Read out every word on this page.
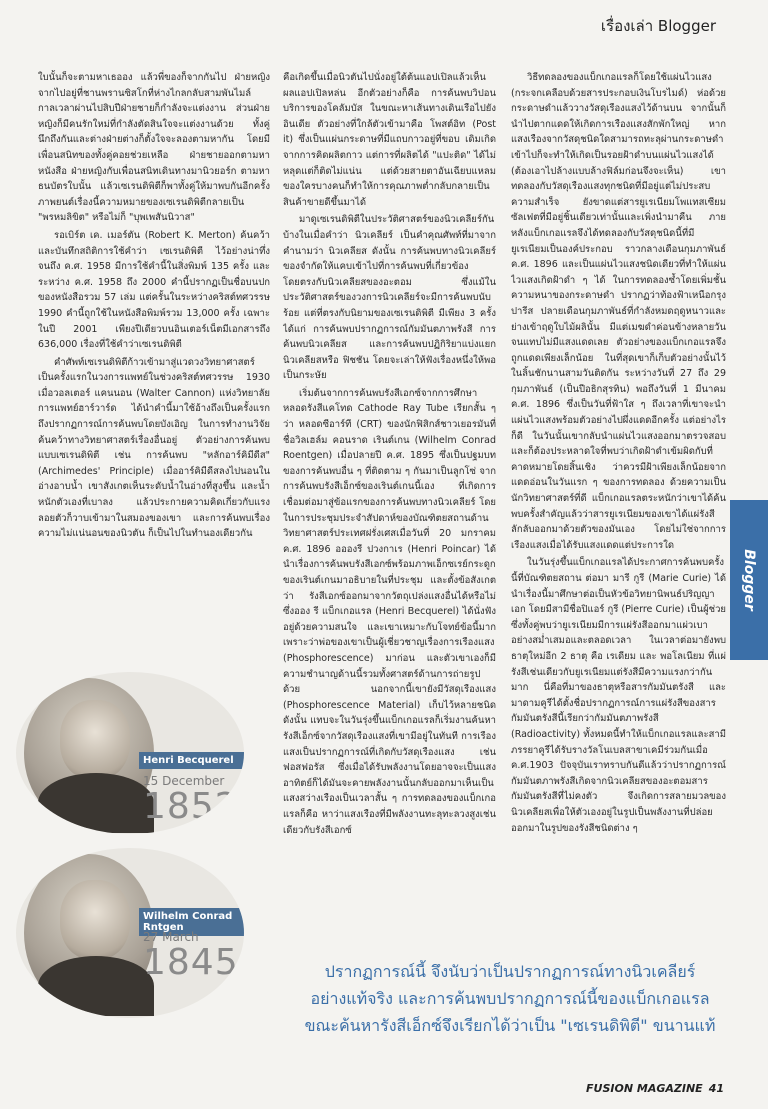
เรื่องเล่า Blogger
Blogger

ใบนั้นก็จะตามหาเธออง แล้วพี่ของก็จากกันไป ฝ่ายหญิงจากไปอยู่ที่ชานพรานซิสโกที่ห่างไกลกลับสามพันไมล์ กาลเวลาผ่านไปสิบปีฝ่ายชายก็กำลังจะแต่งงาน ส่วนฝ่ายหญิงก็มีคนรักใหม่ที่กำลังตัดสินใจจะแต่งงานด้วย ทั้งคู่นึกถึงกันและต่างฝ่ายต่างก็ตั้งใจจะลองตามหากัน โดยมีเพื่อนสนิทของทั้งคู่คอยช่วยเหลือ ฝ่ายชายออกตามหาหนังสือ ฝ่ายหญิงกับเพื่อนสนิทเดินทางมานิวยอร์ก ตามหาธนบัตรใบนั้น แล้วเซเรนดิพิตีก็พาทั้งคู่ให้มาพบกันอีกครั้ง ภาพยนต์เรื่องนี้ความหมายของเซเรนดิพิตีกลายเป็น "พรหมลิขิต" หรือไม่ก็ "บุพเพสันนิวาส"

รอเบิร์ต เค. เมอร์ตัน (Robert K. Merton) ค้นคว้าและบันทึกสถิติการใช้คำว่า เซเรนดิพิตี ไว้อย่างน่าทึ่ง จนถึง ค.ศ. 1958 มีการใช้คำนี้ในสิ่งพิมพ์ 135 ครั้ง และระหว่าง ค.ศ. 1958 ถึง 2000 คำนี้ปรากฏเป็นชื่อบนปกของหนังสือรวม 57 เล่ม แต่ครั้นในระหว่างคริสต์ทศวรรษ 1990 คำนี้ถูกใช้ในหนังสือพิมพ์รวม 13,000 ครั้ง เฉพาะในปี 2001 เพียงปีเดียวบนอินเตอร์เน็ตมีเอกสารถึง 636,000 เรื่องที่ใช้คำว่าเซเรนดิพิตี

คำศัพท์เซเรนดิพิตีก้าวเข้ามาสู่แวดวงวิทยาศาสตร์เป็นครั้งแรกในวงการแพทย์ในช่วงคริสต์ทศวรรษ 1930 เมื่อวอลเตอร์ แคนนอน (Walter Cannon) แห่งวิทยาลัยการแพทย์ฮาร์วาร์ด ได้นำคำนี้มาใช้อ้างถึงเป็นครั้งแรก ถึงปรากฏการณ์การค้นพบโดยบังเอิญ ในการทำงานวิจัยค้นคว้าทางวิทยาศาสตร์เรื่องอื่นอยู่ ตัวอย่างการค้นพบแบบเซเรนดิพิตี เช่น การค้นพบ "หลักอาร์คิมีดีส" (Archimedes' Principle) เมื่ออาร์คิมีดีสลงไปนอนในอ่างอาบน้ำ เขาสังเกตเห็นระดับน้ำในอ่างที่สูงขึ้น และน้ำหนักตัวเองที่เบาลง แล้วประกายความคิดเกี่ยวกับแรงลอยตัวก็วาบเข้ามาในสมองของเขา และการค้นพบเรื่องความไม่แน่นอนของนิวตัน ก็เป็นไปในทำนองเดียวกัน

คือเกิดขึ้นเมื่อนิวตันไปนั่งอยู่ใต้ต้นแอปเปิลแล้วเห็นผลแอปเปิลหล่น อีกตัวอย่างก็คือ การค้นพบวิปอนบริการของโคลัมบัส ในขณะหาเส้นทางเดินเรือไปยังอินเดีย ตัวอย่างที่ใกล้ตัวเข้ามาคือ โพสต์อิท (Post it) ซึ่งเป็นแผ่นกระดาษที่มีแถบกาวอยู่ที่ขอบ เดิมเกิดจากการคิดผลิตกาว แต่การที่ผลิตได้ "แปะติด" ได้ไม่หลุดแต่ก็ติดไม่แน่น แต่ด้วยสายตาอันเฉียบแหลมของใครบางคนก็ทำให้การคุณภาพต่ำกลับกลายเป็นสินค้าขายดีขึ้นมาได้

มาดูเซเรนดิพิตีในประวัติศาสตร์ของนิวเคลียร์กันบ้างในเมื่อคำว่า นิวเคลียร์ เป็นคำคุณศัพท์ที่มาจากคำนามว่า นิวเคลียส ดังนั้น การค้นพบทางนิวเคลียร์ของจำกัดให้แคบเข้าไปที่การค้นพบที่เกี่ยวข้องโดยตรงกับนิวเคลียสของอะตอม ซึ่งแม้ในประวัติศาสตร์ของวงการนิวเคลียร์จะมีการค้นพบนับร้อย แต่ที่ตรงกับนิยามของเซเรนดิพิตี มีเพียง 3 ครั้งได้แก่ การค้นพบปรากฏการณ์กัมมันตภาพรังสี การค้นพบนิวเคลียส และการค้นพบปฏิกิริยาแบ่งแยกนิวเคลียสหรือ ฟิชชัน โดยจะเล่าให้ฟังเรื่องหนึ่งให้พอเป็นกระษัย

เริ่มต้นจากการค้นพบรังสีเอกซ์จากการศึกษาหลอดรังสีแคโทด Cathode Ray Tube เรียกสั้น ๆ ว่า หลอดซีอาร์ที (CRT) ของนักฟิสิกส์ชาวเยอรมันที่ชื่อวิลเฮล์ม คอนราด เรินต์เกน (Wilhelm Conrad Roentgen) เมื่อปลายปี ค.ศ. 1895 ซึ่งเป็นปฐมบทของการค้นพบอื่น ๆ ที่ติดตาม ๆ กันมาเป็นลูกโซ่ จากการค้นพบรังสีเอ็กซ์ของเรินต์เกนนี้เอง ที่เกิดการเชื่อมต่อมาสู่ข้อแรกของการค้นพบทางนิวเคลียร์ โดยในการประชุมประจำสัปดาห์ของบัณฑิตยสถานด้านวิทยาศาสตร์ประเทศฝรั่งเศสเมื่อวันที่ 20 มกราคม ค.ศ. 1896 ออองรี ปวงกาเร (Henri Poincar) ได้นำเรื่องการค้นพบรังสีเอกซ์พร้อมภาพเอ็กซเรย์กระดูกของเรินต์เกนมาอธิบายในที่ประชุม และตั้งข้อสังเกตว่า รังสีเอกซ์ออกมาจากวัตถุเปล่งแสงอื่นได้หรือไม่ ซึ่งออง รี แบ็กเกอแรล (Henri Becquerel) ได้นั่งฟังอยู่ด้วยความสนใจ และเขาเหมาะกับโจทย์ข้อนี้มาก เพราะว่าพ่อของเขาเป็นผู้เชี่ยวชาญเรื่องการเรืองแสง (Phosphorescence) มาก่อน และตัวเขาเองก็มีความชำนาญด้านนี้รวมทั้งศาสตร์ด้านการถ่ายรูปด้วย นอกจากนี้เขายังมีวัสดุเรืองแสง (Phosphorescence Material) เก็บไว้หลายชนิด ดังนั้น แทบจะในวันรุ่งขึ้นแบ็กเกอแรลก็เริ่มงานค้นหารังสีเอ็กซ์จากวัสดุเรืองแสงที่เขามีอยู่ในทันที การเรืองแสงเป็นปรากฏการณ์ที่เกิดกับวัสดุเรืองแสง เช่น ฟอสฟอรัส ซึ่งเมื่อได้รับพลังงานโดยอาจจะเป็นแสงอาทิตย์ก็ได้มันจะคายพลังงานนั้นกลับออกมาเห็นเป็นแสงสว่างเรืองเป็นเวลาสั้น ๆ การทดลองของแบ็กเกอแรลก็คือ หาว่าแสงเรืองที่มีพลังงานทะลุทะลวงสูงเช่นเดียวกับรังสีเอกซ์

วิธีทดลองของแบ็กเกอแรลก็โดยใช้แผ่นไวแสง (กระจกเคลือบด้วยสารประกอบเงินโบรไมด์) ห่อด้วยกระดาษดำแล้ววางวัสดุเรืองแสงไว้ด้านบน จากนั้นก็นำไปตากแดดให้เกิดการเรืองแสงสักพักใหญ่ หากแสงเรืองจากวัสดุชนิดใดสามารถทะลุผ่านกระดาษดำเข้าไปก็จะทำให้เกิดเป็นรอยฝ้าดำบนแผ่นไวแสงได้ (ต้องเอาไปล้างแบบล้างฟิล์มก่อนจึงจะเห็น) เขาทดลองกับวัสดุเรืองแสงทุกชนิดที่มีอยู่แต่ไม่ประสบความสำเร็จ ยังขาดแต่สารยูเรเนียมโพแทสเซียมซัลเฟตที่มีอยู่ชิ้นเดียวเท่านั้นและเพิ่งนำมาคืน ภายหลังแบ็กเกอแรลจึงได้ทดลองกับวัสดุชนิดนี้ที่มียูเรเนียมเป็นองค์ประกอบ ราวกลางเดือนกุมภาพันธ์ ค.ศ. 1896 และเป็นแผ่นไวแสงชนิดเดียวที่ทำให้แผ่นไวแสงเกิดฝ้าดำ ๆ ได้ ในการทดลองซ้ำโดยเพิ่มชั้นความหนาของกระดาษดำ ปรากฏว่าท้องฟ้าเหนือกรุงปารีส ปลายเดือนกุมภาพันธ์ที่กำลังหมดฤดูหนาวและย่างเข้าฤดูใบไม้ผลินั้น มีแต่เมฆดำค่อนข้างหลายวันจนแทบไม่มีแสงแดดเลย ตัวอย่างของแบ็กเกอแรลจึงถูกแดดเพียงเล็กน้อย ในที่สุดเขาก็เก็บตัวอย่างนั้นไว้ในลิ้นชักนานสามวันติดกัน ระหว่างวันที่ 27 ถึง 29 กุมภาพันธ์ (เป็นปีอธิกสุรทิน) พอถึงวันที่ 1 มีนาคม ค.ศ. 1896 ซึ่งเป็นวันที่ฟ้าใส ๆ ถึงเวลาที่เขาจะนำแผ่นไวแสงพร้อมตัวอย่างไปผึ่งแดดอีกครั้ง แต่อย่างไรก็ดี ในวันนั้นเขากลับนำแผ่นไวแสงออกมาตรวจสอบ และก็ต้องประหลาดใจที่พบว่าเกิดฝ้าดำเข้มผิดกับที่คาดหมายโดยสิ้นเชิง ว่าควรมีฝ้าเพียงเล็กน้อยจากแดดอ่อนในวันแรก ๆ ของการทดลอง ด้วยความเป็นนักวิทยาศาสตร์ที่ดี แบ็กเกอแรลตระหนักว่าเขาได้ค้นพบครั้งสำคัญแล้วว่าสารยูเรเนียมของเขาได้แผ่รังสีลักลับออกมาด้วยตัวของมันเอง โดยไม่ใช่จากการเรืองแสงเมื่อได้รับแสงแดดแต่ประการใด

ในวันรุ่งขึ้นแบ็กเกอแรลได้ประกาศการค้นพบครั้งนี้ที่บัณฑิตยสถาน ต่อมา มารี กูรี (Marie Curie) ได้นำเรื่องนี้มาศึกษาต่อเป็นหัวข้อวิทยานิพนธ์ปริญญาเอก โดยมีสามีชื่อปิแอร์ กูรี (Pierre Curie) เป็นผู้ช่วย ซึ่งทั้งคู่พบว่ายูเรเนียมมีการแผ่รังสีออกมาแผ่วเบาอย่างสม่ำเสมอและตลอดเวลา ในเวลาต่อมายังพบธาตุใหม่อีก 2 ธาตุ คือ เรเดียม และ พอโลเนียม ที่แผ่รังสีเช่นเดียวกับยูเรเนียมแต่รังสีมีความแรงกว่ากันมาก นี่คือที่มาของธาตุหรือสารกัมมันตรังสี และมาดามคูรีได้ตั้งชื่อปรากฏการณ์การแผ่รังสีของสารกัมมันตรังสีนี้เรียกว่ากัมมันตภาพรังสี (Radioactivity) ทั้งหมดนี้ทำให้แบ็กเกอแรลและสามีภรรยาคูรีได้รับรางวัลโนเบลสาขาเคมีร่วมกันเมื่อ ค.ศ.1903 ปัจจุบันเราทราบกันดีแล้วว่าปรากฏการณ์กัมมันตภาพรังสีเกิดจากนิวเคลียสของอะตอมสารกัมมันตรังสีที่ไม่คงตัว จึงเกิดการสลายมวลของนิวเคลียสเพื่อให้ตัวเองอยู่ในรูปเป็นพลังงานที่ปล่อยออกมาในรูปของรังสีชนิดต่าง ๆ

Henri Becquerel
15 December
1852
Wilhelm Conrad Rntgen
27 March
1845	ปรากฏการณ์นี้ จึงนับว่าเป็นปรากฏการณ์ทางนิวเคลียร์
อย่างแท้จริง และการค้นพบปรากฏการณ์นี้ของแบ็กเกอแรล
ขณะค้นหารังสีเอ็กซ์จึงเรียกได้ว่าเป็น "เซเรนดิพิตี" ขนานแท้
FUSION MAGAZINE 41
